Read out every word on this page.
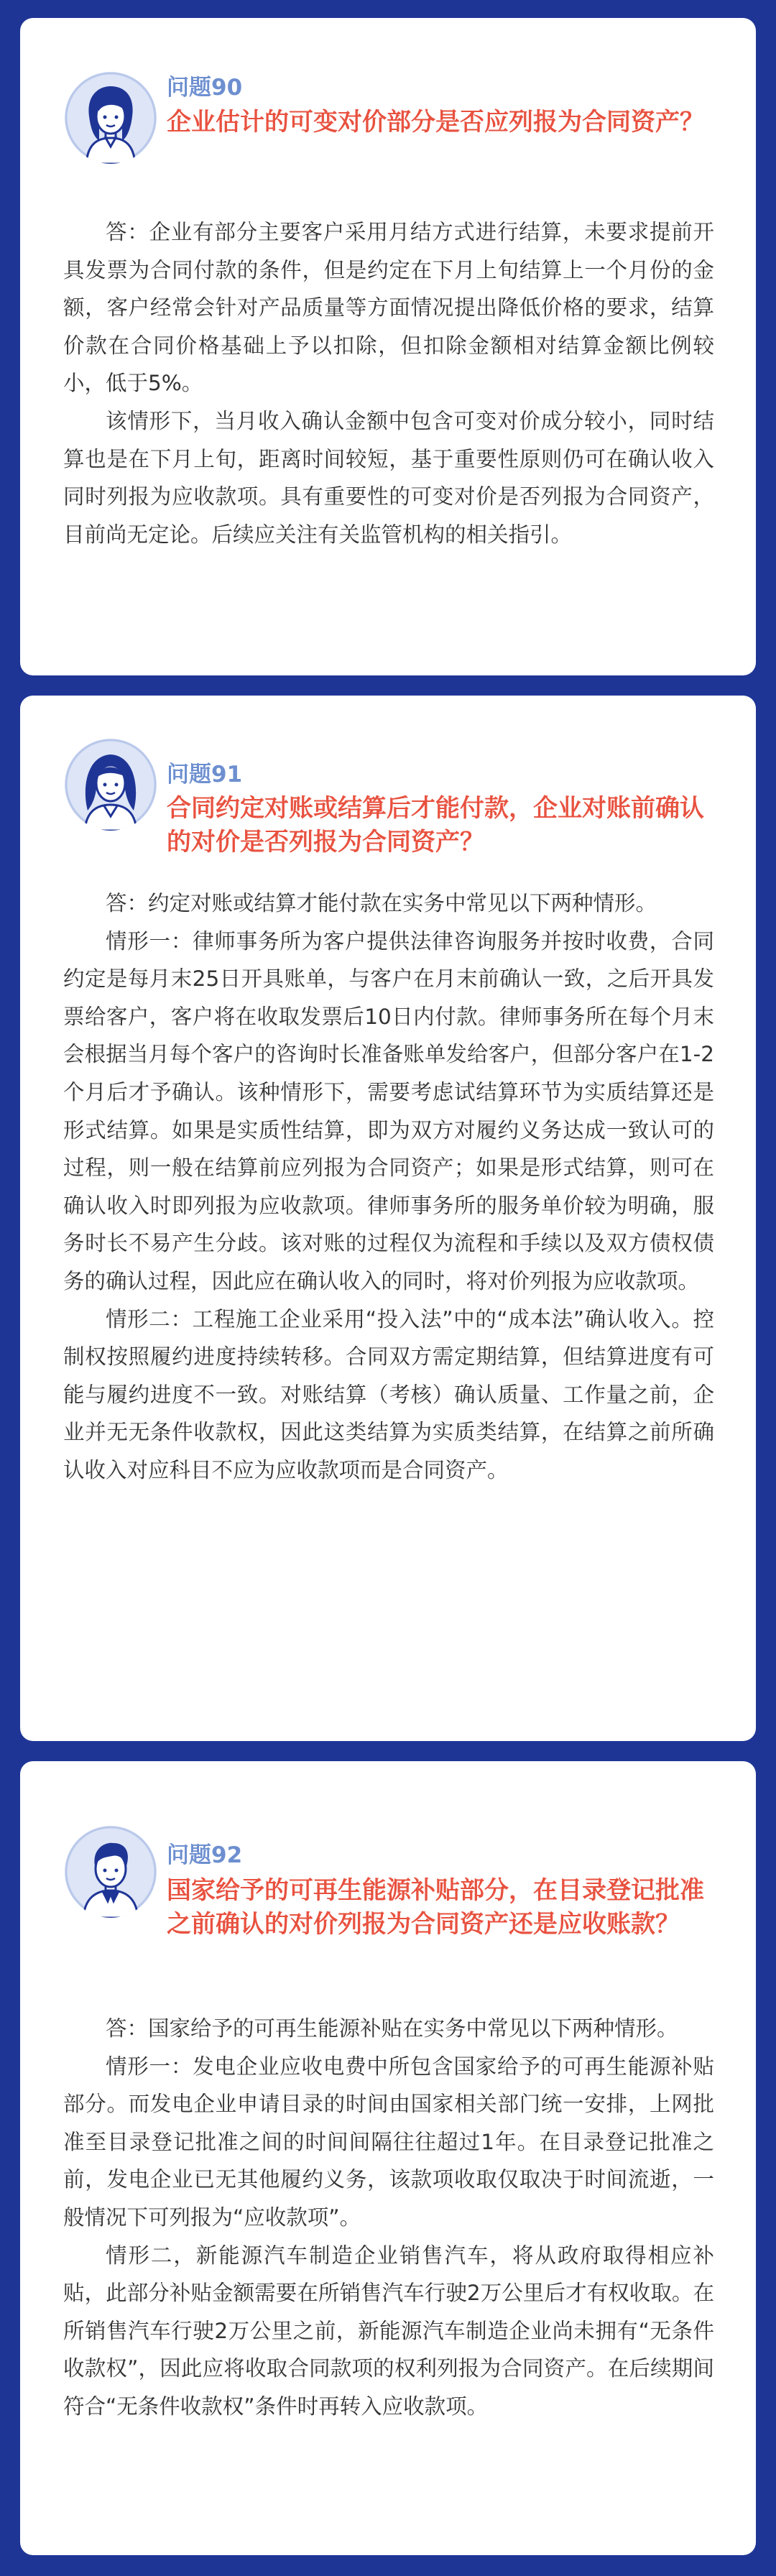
问题90
企业估计的可变对价部分是否应列报为合同资产？

答：企业有部分主要客户采用月结方式进行结算，未要求提前开具发票为合同付款的条件，但是约定在下月上旬结算上一个月份的金额，客户经常会针对产品质量等方面情况提出降低价格的要求，结算价款在合同价格基础上予以扣除，但扣除金额相对结算金额比例较小，低于5%。

该情形下，当月收入确认金额中包含可变对价成分较小，同时结算也是在下月上旬，距离时间较短，基于重要性原则仍可在确认收入同时列报为应收款项。具有重要性的可变对价是否列报为合同资产，目前尚无定论。后续应关注有关监管机构的相关指引。

问题91
合同约定对账或结算后才能付款，企业对账前确认的对价是否列报为合同资产？

答：约定对账或结算才能付款在实务中常见以下两种情形。

情形一：律师事务所为客户提供法律咨询服务并按时收费，合同约定是每月末25日开具账单，与客户在月末前确认一致，之后开具发票给客户，客户将在收取发票后10日内付款。律师事务所在每个月末会根据当月每个客户的咨询时长准备账单发给客户，但部分客户在1-2个月后才予确认。该种情形下，需要考虑试结算环节为实质结算还是形式结算。如果是实质性结算，即为双方对履约义务达成一致认可的过程，则一般在结算前应列报为合同资产；如果是形式结算，则可在确认收入时即列报为应收款项。律师事务所的服务单价较为明确，服务时长不易产生分歧。该对账的过程仅为流程和手续以及双方债权债务的确认过程，因此应在确认收入的同时，将对价列报为应收款项。

情形二：工程施工企业采用“投入法”中的“成本法”确认收入。控制权按照履约进度持续转移。合同双方需定期结算，但结算进度有可能与履约进度不一致。对账结算（考核）确认质量、工作量之前，企业并无无条件收款权，因此这类结算为实质类结算，在结算之前所确认收入对应科目不应为应收款项而是合同资产。

问题92
国家给予的可再生能源补贴部分，在目录登记批准之前确认的对价列报为合同资产还是应收账款？

答：国家给予的可再生能源补贴在实务中常见以下两种情形。

情形一：发电企业应收电费中所包含国家给予的可再生能源补贴部分。而发电企业申请目录的时间由国家相关部门统一安排，上网批准至目录登记批准之间的时间间隔往往超过1年。在目录登记批准之前，发电企业已无其他履约义务，该款项收取仅取决于时间流逝，一般情况下可列报为“应收款项”。

情形二，新能源汽车制造企业销售汽车，将从政府取得相应补贴，此部分补贴金额需要在所销售汽车行驶2万公里后才有权收取。在所销售汽车行驶2万公里之前，新能源汽车制造企业尚未拥有“无条件收款权”，因此应将收取合同款项的权利列报为合同资产。在后续期间符合“无条件收款权”条件时再转入应收款项。
